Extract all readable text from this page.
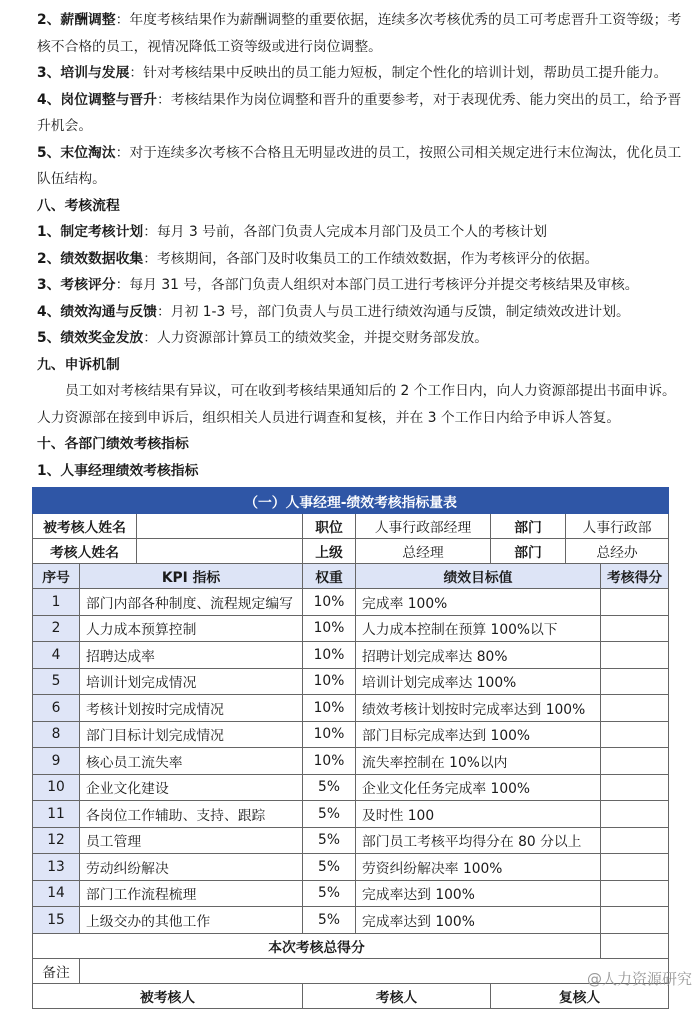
2、薪酬调整：年度考核结果作为薪酬调整的重要依据，连续多次考核优秀的员工可考虑晋升工资等级；考核不合格的员工，视情况降低工资等级或进行岗位调整。
3、培训与发展：针对考核结果中反映出的员工能力短板，制定个性化的培训计划，帮助员工提升能力。
4、岗位调整与晋升：考核结果作为岗位调整和晋升的重要参考，对于表现优秀、能力突出的员工，给予晋升机会。
5、末位淘汰：对于连续多次考核不合格且无明显改进的员工，按照公司相关规定进行末位淘汰，优化员工队伍结构。
八、考核流程
1、制定考核计划：每月 3 号前，各部门负责人完成本月部门及员工个人的考核计划
2、绩效数据收集：考核期间，各部门及时收集员工的工作绩效数据，作为考核评分的依据。
3、考核评分：每月 31 号，各部门负责人组织对本部门员工进行考核评分并提交考核结果及审核。
4、绩效沟通与反馈：月初 1-3 号，部门负责人与员工进行绩效沟通与反馈，制定绩效改进计划。
5、绩效奖金发放：人力资源部计算员工的绩效奖金，并提交财务部发放。
九、申诉机制
员工如对考核结果有异议，可在收到考核结果通知后的 2 个工作日内，向人力资源部提出书面申诉。人力资源部在接到申诉后，组织相关人员进行调查和复核，并在 3 个工作日内给予申诉人答复。
十、各部门绩效考核指标
1、人事经理绩效考核指标
（一）人事经理-绩效考核指标量表							
被考核人姓名			职位	人事行政部经理	部门	人事行政部	
考核人姓名			上级	总经理	部门	总经办	
序号	KPI 指标		权重	绩效目标值			考核得分
1	部门内部各种制度、流程规定编写		10%	完成率 100%			
2	人力成本预算控制		10%	人力成本控制在预算 100%以下			
4	招聘达成率		10%	招聘计划完成率达 80%			
5	培训计划完成情况		10%	培训计划完成率达 100%			
6	考核计划按时完成情况		10%	绩效考核计划按时完成率达到 100%			
8	部门目标计划完成情况		10%	部门目标完成率达到 100%			
9	核心员工流失率		10%	流失率控制在 10%以内			
10	企业文化建设		5%	企业文化任务完成率 100%			
11	各岗位工作辅助、支持、跟踪		5%	及时性 100			
12	员工管理		5%	部门员工考核平均得分在 80 分以上			
13	劳动纠纷解决		5%	劳资纠纷解决率 100%			
14	部门工作流程梳理		5%	完成率达到 100%			
15	上级交办的其他工作		5%	完成率达到 100%			
本次考核总得分							
备注							
被考核人			考核人		复核人		
@人力资源研究
